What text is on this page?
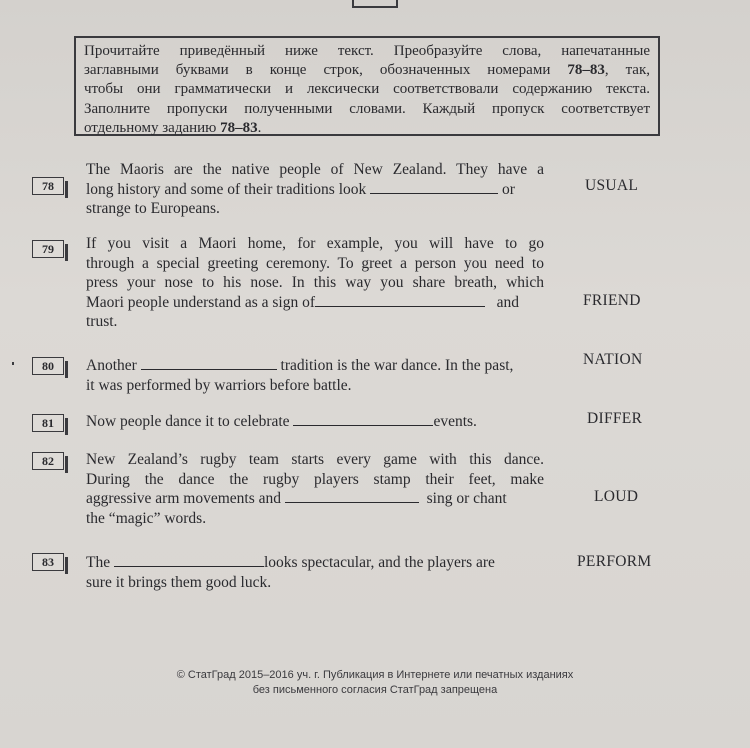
Прочитайте приведённый ниже текст. Преобразуйте слова, напечатанные
заглавными буквами в конце строк, обозначенных номерами 78–83, так,
чтобы они грамматически и лексически соответствовали содержанию текста.
Заполните пропуски полученными словами. Каждый пропуск соответствует
отдельному заданию 78–83.
78
The Maoris are the native people of New Zealand. They have a
long history and some of their traditions look	or
strange to Europeans.
USUAL
79	If you visit a Maori home, for example, you will have to go
through a special greeting ceremony. To greet a person you need to
press your nose to his nose. In this way you share breath, which
Maori people understand as a sign of	and
trust.
FRIEND
80	Another	tradition is the war dance. In the past,
it was performed by warriors before battle.
NATION
81	Now people dance it to celebrate	events.	DIFFER
82	New Zealand’s rugby team starts every game with this dance.
During the dance the rugby players stamp their feet, make
aggressive arm movements and	sing or chant
the “magic” words.
LOUD
83	The	looks spectacular, and the players are
sure it brings them good luck.
PERFORM
© СтатГрад 2015–2016 уч. г. Публикация в Интернете или печатных изданиях
без письменного согласия СтатГрад запрещена
